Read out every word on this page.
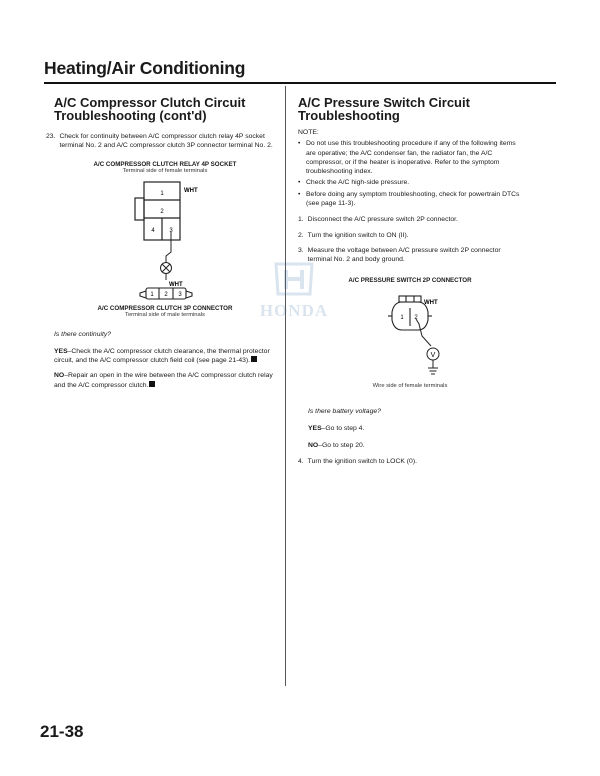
Heating/Air Conditioning
HONDA
A/C Compressor Clutch Circuit
Troubleshooting (cont'd)
23. Check for continuity between A/C compressor clutch relay 4P socket terminal No. 2 and A/C compressor clutch 3P connector terminal No. 2.
A/C COMPRESSOR CLUTCH RELAY 4P SOCKET
Terminal side of female terminals
1
2
4 3
WHT
WHT
1 2 3
A/C COMPRESSOR CLUTCH 3P CONNECTOR
Terminal side of male terminals

Is there continuity?

YES–Check the A/C compressor clutch clearance, the thermal protector circuit, and the A/C compressor clutch field coil (see page 21-43).

NO–Repair an open in the wire between the A/C compressor clutch relay and the A/C compressor clutch.

A/C Pressure Switch Circuit
Troubleshooting

NOTE:

• Do not use this troubleshooting procedure if any of the following items are operative; the A/C condenser fan, the radiator fan, the A/C compressor, or if the heater is inoperative. Refer to the symptom troubleshooting index.
• Check the A/C high-side pressure.
• Before doing any symptom troubleshooting, check for powertrain DTCs (see page 11-3).
1. Disconnect the A/C pressure switch 2P connector.
2. Turn the ignition switch to ON (II).
3. Measure the voltage between A/C pressure switch 2P connector terminal No. 2 and body ground.
A/C PRESSURE SWITCH 2P CONNECTOR
1 2
WHT
V
Wire side of female terminals

Is there battery voltage?

YES–Go to step 4.

NO–Go to step 20.

4. Turn the ignition switch to LOCK (0).
21-38
